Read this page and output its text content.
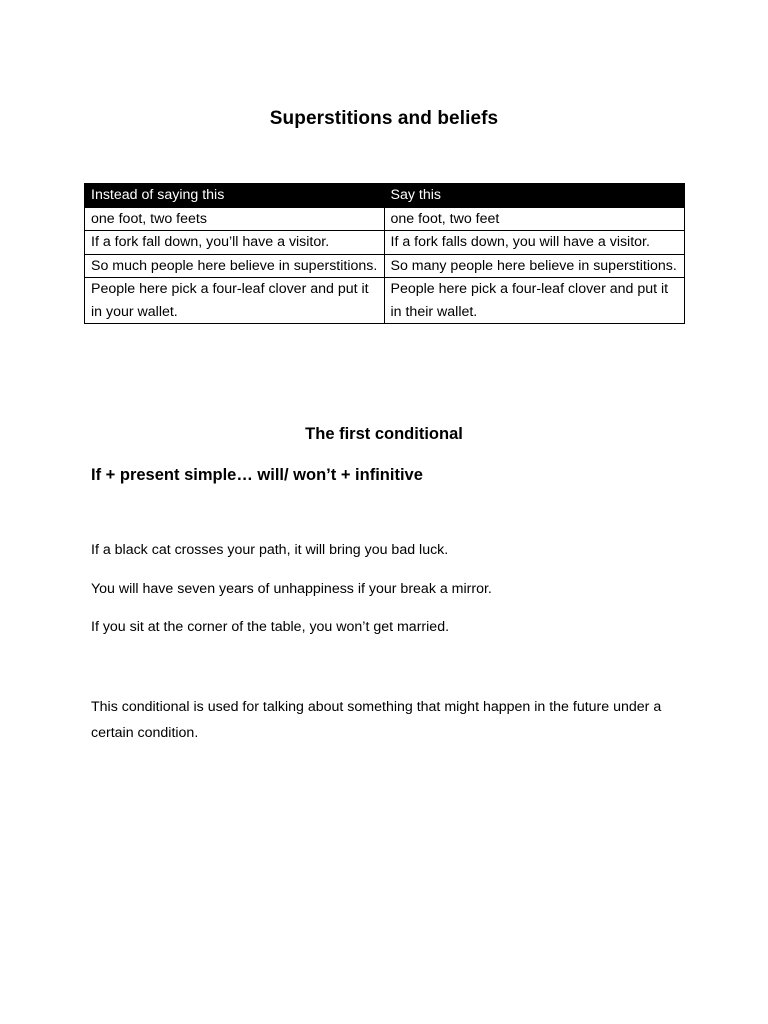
Superstitions and beliefs
Instead of saying this	Say this
one foot, two feets	one foot, two feet
If a fork fall down, you’ll have a visitor.	If a fork falls down, you will have a visitor.
So much people here believe in superstitions.	So many people here believe in superstitions.
People here pick a four-leaf clover and put it in your wallet.	People here pick a four-leaf clover and put it in their wallet.
The first conditional
If + present simple… will/ won’t + infinitive
If a black cat crosses your path, it will bring you bad luck.
You will have seven years of unhappiness if your break a mirror.
If you sit at the corner of the table, you won’t get married.
This conditional is used for talking about something that might happen in the future under a certain condition.
